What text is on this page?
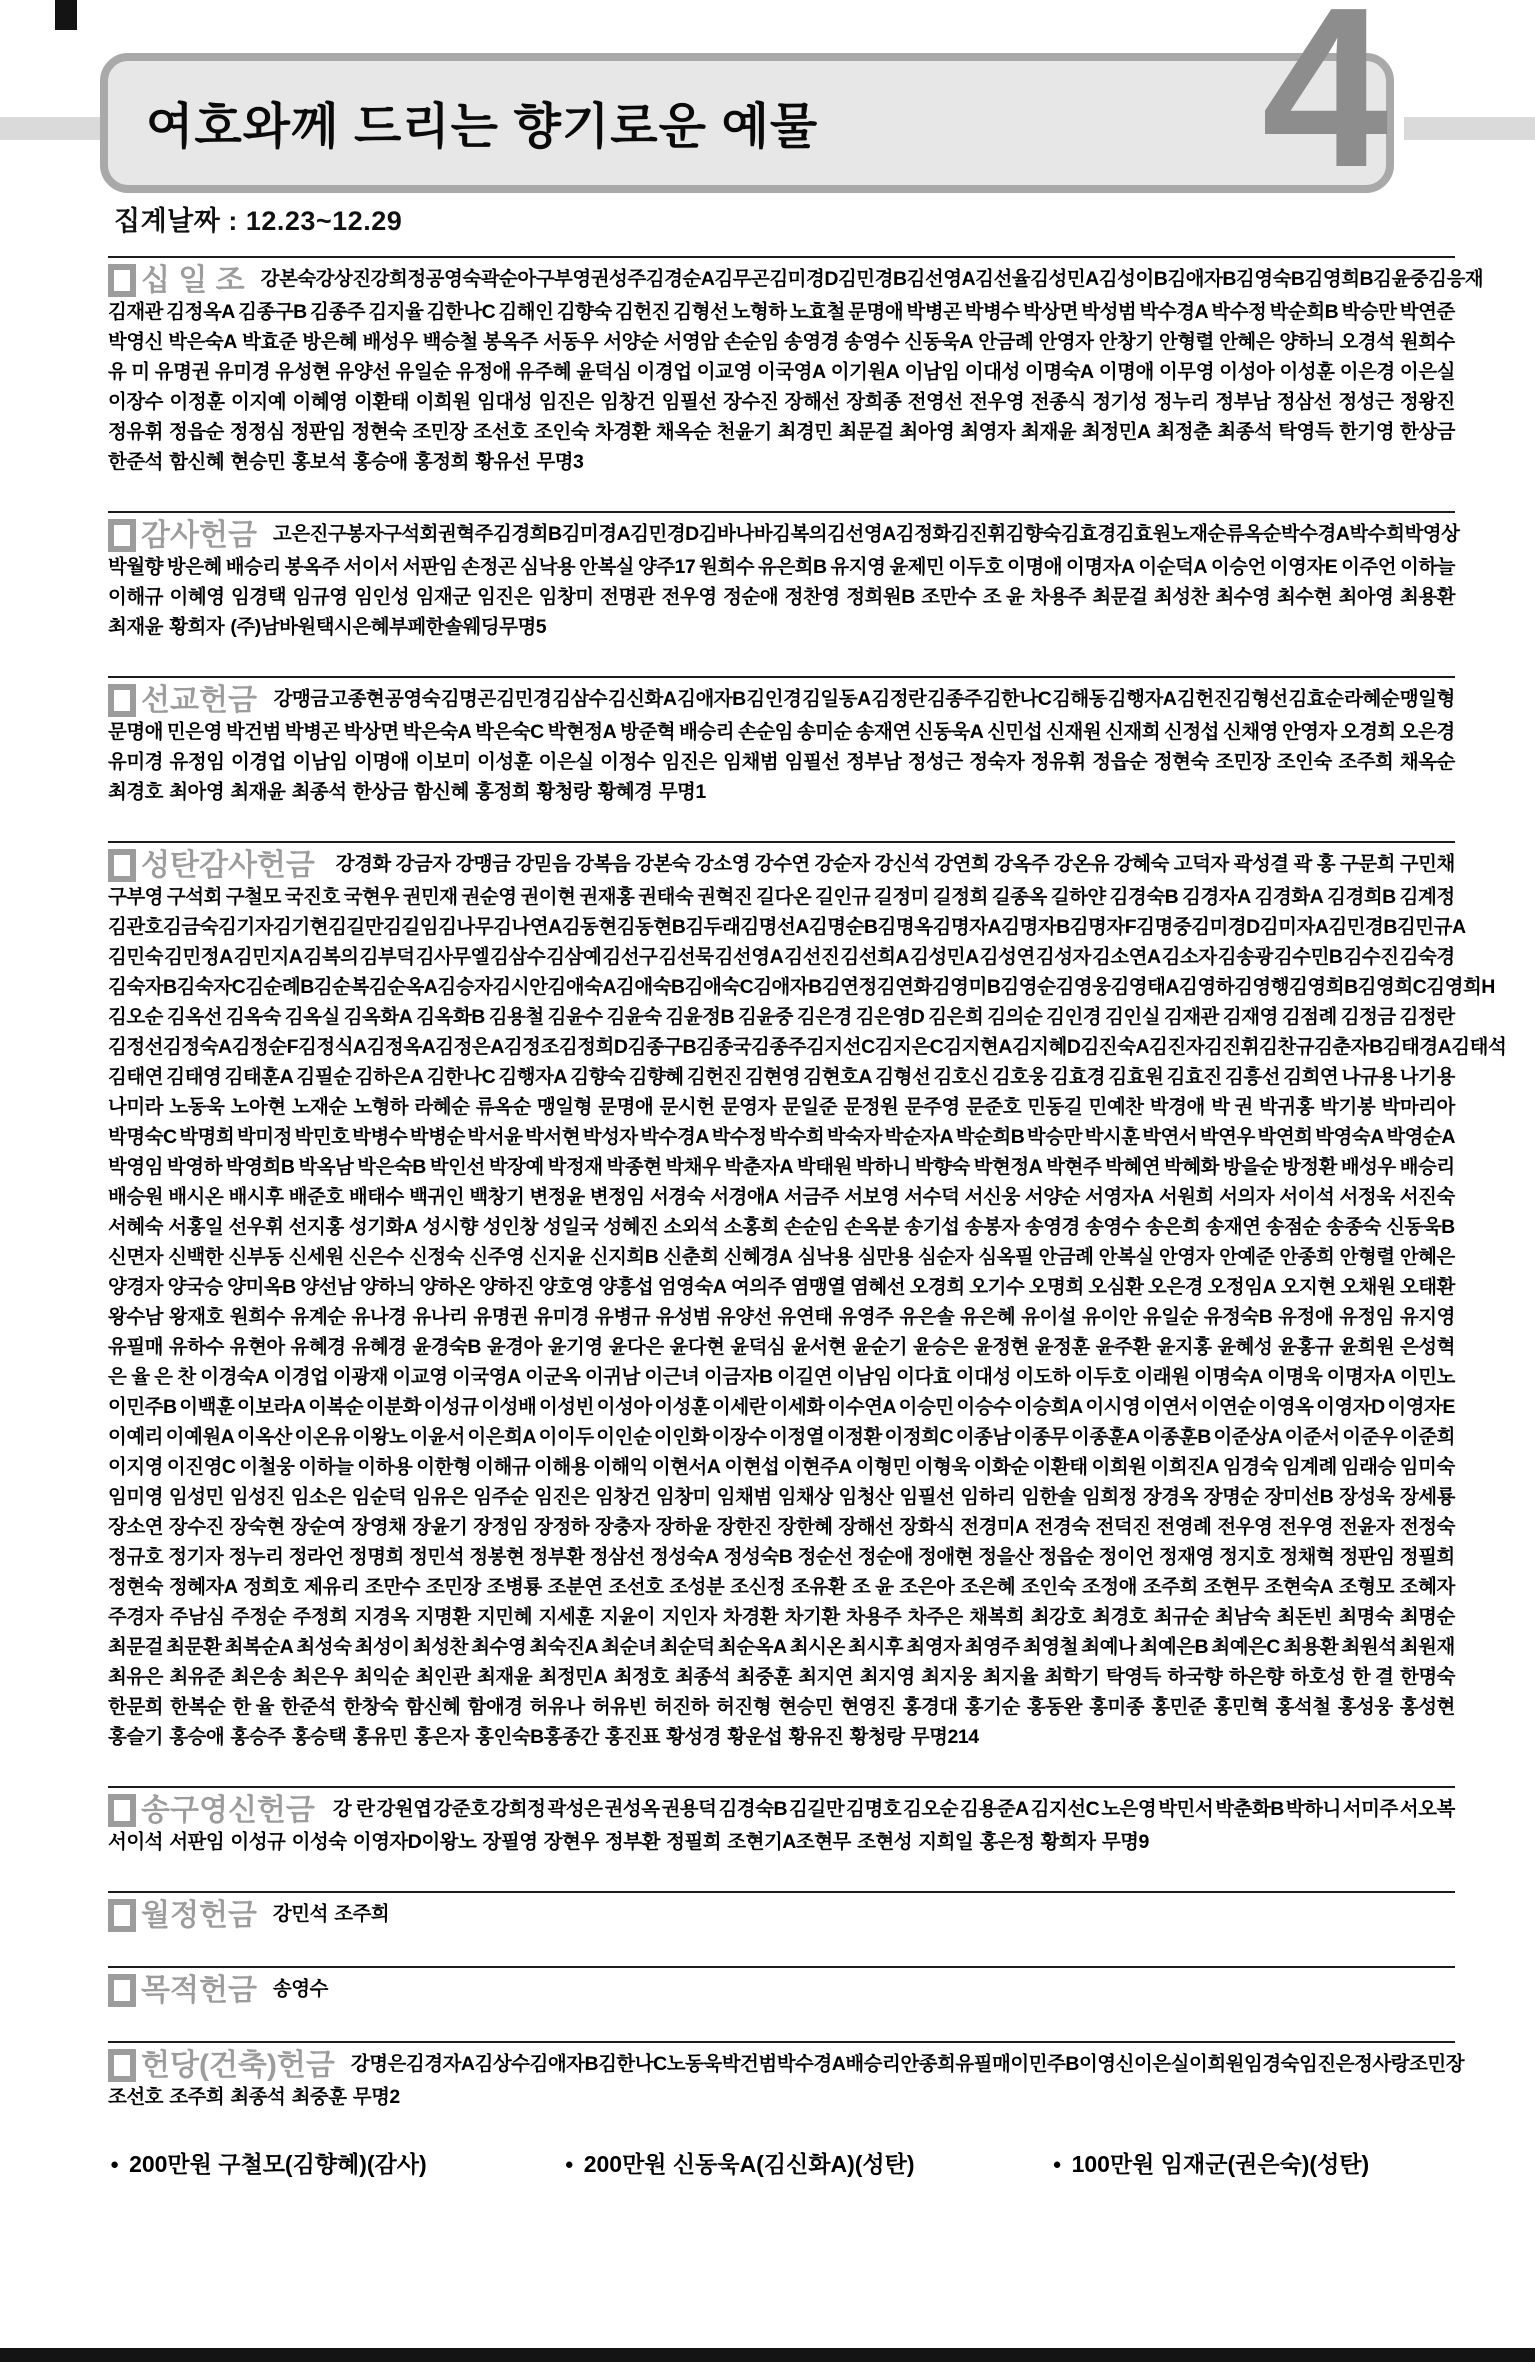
여호와께 드리는 향기로운 예물 4
집계날짜 : 12.23~12.29
십 일 조 강본숙 강상진 강희정 공영숙 곽순아 구부영 권성주 김경순A 김무곤 김미경D 김민경B 김선영A 김선율 김성민A 김성이B 김애자B 김영숙B 김영희B 김윤중 김응재
김재관 김정옥A 김종구B 김종주 김지율 김한나C 김해인 김향숙 김헌진 김형선 노형하 노효철 문명애 박병곤 박병수 박상면 박성범 박수경A 박수정 박순희B 박승만 박연준
박영신 박은숙A 박효준 방은혜 배성우 백승철 봉옥주 서동우 서양순 서영암 손순임 송영경 송영수 신동욱A 안금례 안영자 안창기 안형렬 안혜은 양하늬 오경석 원희수
유 미 유명권 유미경 유성현 유양선 유일순 유정애 유주혜 윤덕심 이경업 이교영 이국영A 이기원A 이남임 이대성 이명숙A 이명애 이무영 이성아 이성훈 이은경 이은실
이장수 이정훈 이지예 이혜영 이환태 이희원 임대성 임진은 임창건 임필선 장수진 장해선 장희종 전영선 전우영 전종식 정기성 정누리 정부남 정삼선 정성근 정왕진
정유휘 정읍순 정정심 정판임 정현숙 조민장 조선호 조인숙 차경환 채옥순 천윤기 최경민 최문걸 최아영 최영자 최재윤 최정민A 최정춘 최종석 탁영득 한기영 한상금
한준석 함신혜 현승민 홍보석 홍승애 홍정희 황유선 무명3
감사헌금 고은진 구봉자 구석회 권혁주 김경희B 김미경A 김민경D 김바나바 김복의 김선영A 김정화 김진휘 김향숙 김효경 김효원 노재순 류옥순 박수경A 박수희 박영상
박월향 방은혜 배승리 봉옥주 서이서 서판임 손정곤 심낙용 안복실 양주17 원희수 유은희B 유지영 윤제민 이두호 이명애 이명자A 이순덕A 이승언 이영자E 이주언 이하늘
이해규 이혜영 임경택 임규영 임인성 임재군 임진은 임창미 전명관 전우영 정순애 정찬영 정희원B 조만수 조 윤 차용주 최문걸 최성찬 최수영 최수현 최아영 최용환
최재윤 황희자 (주)남바원택시 은혜부페 한솔웨딩 무명5
선교헌금 강맹금 고종현 공영숙 김명곤 김민경 김삼수 김신화A 김애자B 김인경 김일동A 김정란 김종주 김한나C 김해동 김행자A 김헌진 김형선 김효순 라혜순 맹일형
문명애 민은영 박건범 박병곤 박상면 박은숙A 박은숙C 박현정A 방준혁 배승리 손순임 송미순 송재연 신동욱A 신민섭 신재원 신재희 신정섭 신채영 안영자 오경희 오은경
유미경 유정임 이경업 이남임 이명애 이보미 이성훈 이은실 이정수 임진은 임채범 임필선 정부남 정성근 정숙자 정유휘 정읍순 정현숙 조민장 조인숙 조주희 채옥순
최경호 최아영 최재윤 최종석 한상금 함신혜 홍정희 황청랑 황혜경 무명1
성탄감사헌금 강경화 강금자 강맹금 강믿음 강복음 강본숙 강소영 강수연 강순자 강신석 강연희 강옥주 강온유 강혜숙 고덕자 곽성결 곽 홍 구문희 구민채
구부영 구석회 구철모 국진호 국현우 권민재 권순영 권이현 권재홍 권태숙 권혁진 길다온 길인규 길정미 길정희 길종옥 길하얀 김경숙B 김경자A 김경화A 김경희B 김계정
김관호 김금숙 김기자 김기현 김길만 김길임 김나무 김나연A 김동현 김동현B 김두래 김명선A 김명순B 김명옥 김명자A 김명자B 김명자F 김명중 김미경D 김미자A 김민경B 김민규A
김민숙 김민정A 김민지A 김복의 김부덕 김사무엘 김삼수 김삼예 김선구 김선묵 김선영A 김선진 김선희A 김성민A 김성연 김성자 김소연A 김소자 김송광 김수민B 김수진 김숙경
김숙자B 김숙자C 김순례B 김순복 김순옥A 김승자 김시안 김애숙A 김애숙B 김애숙C 김애자B 김연정 김연화 김영미B 김영순 김영웅 김영태A 김영하 김영행 김영희B 김영희C 김영희H
김오순 김옥선 김옥숙 김옥실 김옥화A 김옥화B 김용철 김윤수 김윤숙 김윤정B 김윤중 김은경 김은영D 김은희 김의순 김인경 김인실 김재관 김재영 김점례 김정금 김정란
김정선 김정숙A 김정순F 김정식A 김정옥A 김정은A 김정조 김정희D 김종구B 김종국 김종주 김지선C 김지은C 김지현A 김지혜D 김진숙A 김진자 김진휘 김찬규 김춘자B 김태경A 김태석
김태연 김태영 김태훈A 김필순 김하은A 김한나C 김행자A 김향숙 김향혜 김헌진 김현영 김현호A 김형선 김호신 김호웅 김효경 김효원 김효진 김흥선 김희연 나규용 나기용
나미라 노동욱 노아현 노재순 노형하 라혜순 류옥순 맹일형 문명애 문시헌 문영자 문일준 문정원 문주영 문준호 민동길 민예찬 박경애 박 권 박귀홍 박기봉 박마리아
박명숙C 박명희 박미정 박민호 박병수 박병순 박서윤 박서현 박성자 박수경A 박수정 박수희 박숙자 박순자A 박순희B 박승만 박시훈 박연서 박연우 박연희 박영숙A 박영순A
박영임 박영하 박영희B 박옥남 박은숙B 박인선 박장예 박정재 박종현 박채우 박춘자A 박태원 박하니 박향숙 박현정A 박현주 박혜연 박혜화 방을순 방정환 배성우 배승리
배승원 배시온 배시후 배준호 배태수 백귀인 백창기 변정윤 변정임 서경숙 서경애A 서금주 서보영 서수덕 서신웅 서양순 서영자A 서원희 서의자 서이석 서정욱 서진숙
서혜숙 서홍일 선우휘 선지홍 성기화A 성시향 성인창 성일국 성혜진 소외석 소홍희 손순임 손옥분 송기섭 송봉자 송영경 송영수 송은희 송재연 송점순 송종숙 신동욱B
신면자 신백한 신부동 신세원 신은수 신정숙 신주영 신지윤 신지희B 신춘희 신혜경A 심낙용 심만용 심순자 심옥필 안금례 안복실 안영자 안예준 안종희 안형렬 안혜은
양경자 양국승 양미옥B 양선남 양하늬 양하온 양하진 양호영 양흥섭 엄영숙A 여의주 염맹열 염혜선 오경희 오기수 오명희 오심환 오은경 오정임A 오지현 오채원 오태환
왕수남 왕재호 원희수 유계순 유나경 유나리 유명권 유미경 유병규 유성범 유양선 유연태 유영주 유은솔 유은혜 유이설 유이안 유일순 유정숙B 유정애 유정임 유지영
유필매 유하수 유현아 유혜경 유혜경 윤경숙B 윤경아 윤기영 윤다은 윤다현 윤덕심 윤서현 윤순기 윤승은 윤정현 윤정훈 윤주환 윤지홍 윤혜성 윤홍규 윤희원 은성혁
은 율 은 찬 이경숙A 이경업 이광재 이교영 이국영A 이군옥 이귀남 이근녀 이금자B 이길연 이남임 이다효 이대성 이도하 이두호 이래원 이명숙A 이명욱 이명자A 이민노
이민주B 이백훈 이보라A 이복순 이분화 이성규 이성배 이성빈 이성아 이성훈 이세란 이세화 이수연A 이승민 이승수 이승희A 이시영 이연서 이연순 이영옥 이영자D 이영자E
이예리 이예원A 이옥산 이온유 이왕노 이윤서 이은희A 이이두 이인순 이인화 이장수 이정열 이정환 이정희C 이종남 이종무 이종훈A 이종훈B 이준상A 이준서 이준우 이준희
이지영 이진영C 이철웅 이하늘 이하용 이한형 이해규 이해용 이해익 이현서A 이현섭 이현주A 이형민 이형욱 이화순 이환태 이희원 이희진A 임경숙 임계례 임래승 임미숙
임미영 임성민 임성진 임소은 임순덕 임유은 임주순 임진은 임창건 임창미 임채범 임채상 임청산 임필선 임하리 임한솔 임희정 장경옥 장명순 장미선B 장성욱 장세룡
장소연 장수진 장숙현 장순여 장영채 장윤기 장정임 장정하 장충자 장하윤 장한진 장한혜 장해선 장화식 전경미A 전경숙 전덕진 전영례 전우영 전우영 전윤자 전정숙
정규호 정기자 정누리 정라언 정명희 정민석 정봉현 정부환 정삼선 정성숙A 정성숙B 정순선 정순애 정애현 정을산 정읍순 정이언 정재영 정지호 정채혁 정판임 정필희
정현숙 정혜자A 정희호 제유리 조만수 조민장 조병룡 조분연 조선호 조성분 조신정 조유환 조 윤 조은아 조은혜 조인숙 조정애 조주희 조현무 조현숙A 조형모 조혜자
주경자 주남심 주정순 주정희 지경옥 지명환 지민혜 지세훈 지윤이 지인자 차경환 차기환 차용주 차주은 채복희 최강호 최경호 최규순 최남숙 최돈빈 최명숙 최명순
최문걸 최문환 최복순A 최성숙 최성이 최성찬 최수영 최숙진A 최순녀 최순덕 최순옥A 최시온 최시후 최영자 최영주 최영철 최예나 최예은B 최예은C 최용환 최원석 최원재
최유은 최유준 최은송 최은우 최익순 최인관 최재윤 최정민A 최정호 최종석 최중훈 최지연 최지영 최지웅 최지율 최학기 탁영득 하국향 하은향 하호성 한 결 한명숙
한문희 한복순 한 율 한준석 한창숙 함신혜 함애경 허유나 허유빈 허진하 허진형 현승민 현영진 홍경대 홍기순 홍동완 홍미종 홍민준 홍민혁 홍석철 홍성웅 홍성현
홍슬기 홍승애 홍승주 홍승택 홍유민 홍은자 홍인숙B 홍종간 홍진표 황성경 황운섭 황유진 황청랑 무명214
송구영신헌금 강 란 강원엽 강준호 강희정 곽성은 권성옥 권용덕 김경숙B 김길만 김명호 김오순 김용준A 김지선C 노은영 박민서 박춘화B 박하니 서미주 서오복
서이석 서판임 이성규 이성숙 이영자D 이왕노 장필영 장현우 정부환 정필희 조현기A 조현무 조현성 지희일 홍은정 황희자 무명9
월정헌금 강민석 조주희
목적헌금 송영수
헌당(건축)헌금 강명은 김경자A 김상수 김애자B 김한나C 노동욱 박건범 박수경A 배승리 안종희 유필매 이민주B 이영신 이은실 이희원 임경숙 임진은 정사랑 조민장
조선호 조주희 최종석 최중훈 무명2
● 200만원 구철모(김향혜)(감사)	● 200만원 신동욱A(김신화A)(성탄)	● 100만원 임재군(권은숙)(성탄)
